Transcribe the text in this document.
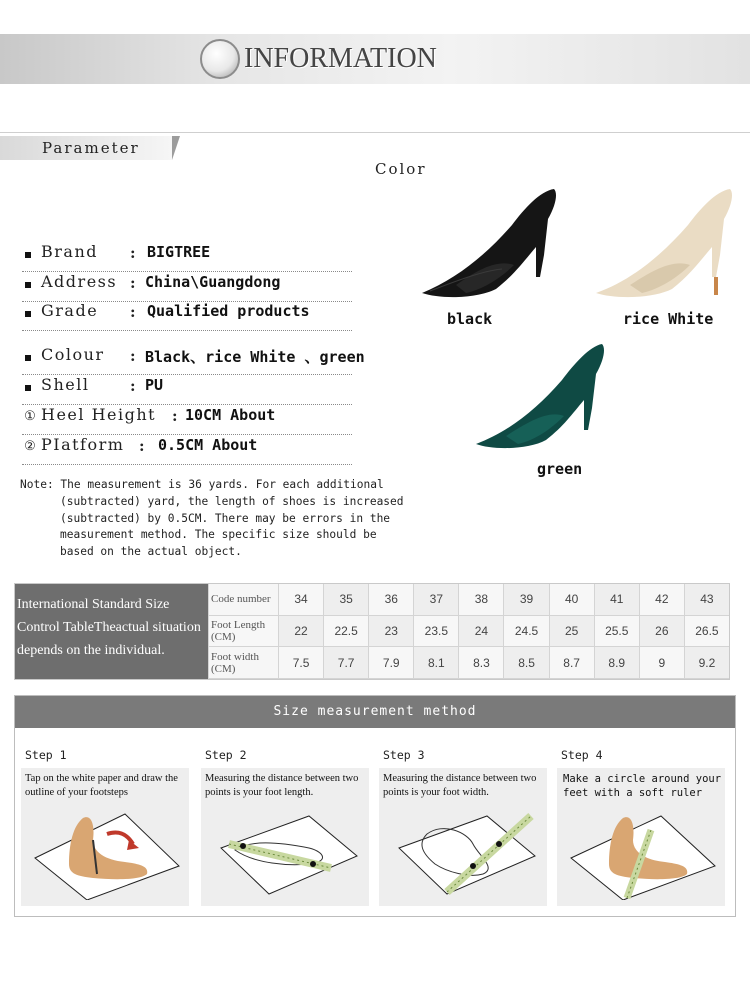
INFORMATION
Parameter
Brand : BIGTREE
Address : China\Guangdong
Grade : Qualified products
Colour : Black、rice White 、green
Shell	: PU
① Heel Height : 10CM About
② PIatform : 0.5CM About
Note: The measurement is 36 yards. For each additional
(subtracted) yard, the length of shoes is increased
(subtracted) by 0.5CM. There may be errors in the
measurement method. The specific size should be
based on the actual object.
Color
black	rice White
green
International Standard Size
Control TableTheactual situation
depends on the individual.
Code number	34	35	36	37	38	39	40	41	42	43
Foot Length (CM)	22	22.5	23	23.5	24	24.5	25	25.5	26	26.5
Foot width (CM)	7.5	7.7	7.9	8.1	8.3	8.5	8.7	8.9	9	9.2
Size measurement method
Step 1
Tap on the white paper and draw the outline of your footsteps
Step 2
Measuring the distance between two points is your foot length.
Step 3
Measuring the distance between two points is your foot width.
Step 4
Make a circle around your feet with a soft ruler
